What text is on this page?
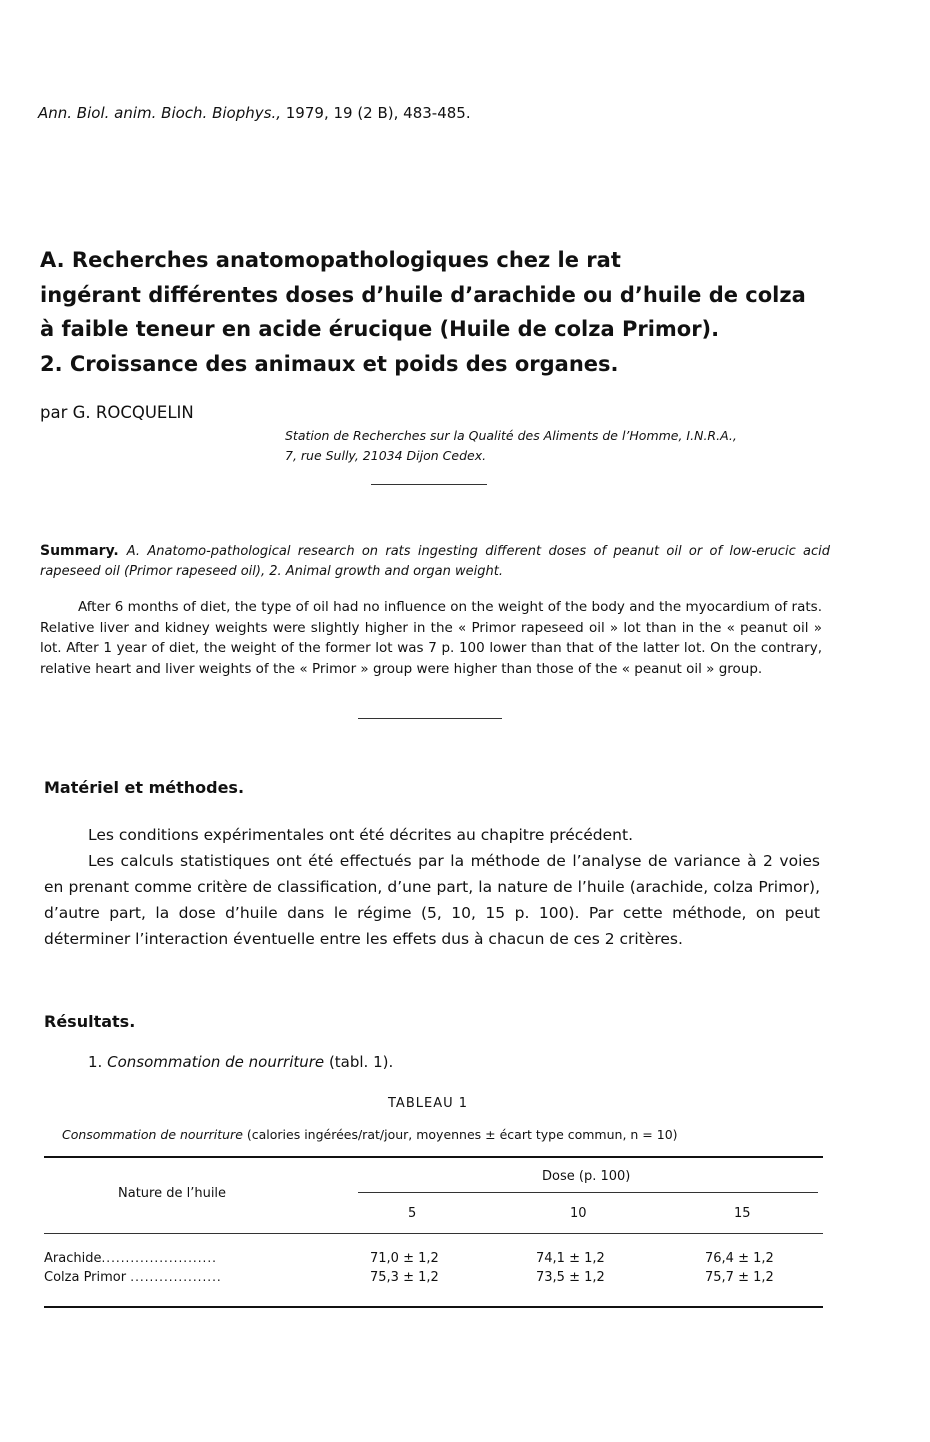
Ann. Biol. anim. Bioch. Biophys., 1979, 19 (2 B), 483-485.
A. Recherches anatomopathologiques chez le rat
ingérant différentes doses d’huile d’arachide ou d’huile de colza
à faible teneur en acide érucique (Huile de colza Primor).
2. Croissance des animaux et poids des organes.
par G. ROCQUELIN
Station de Recherches sur la Qualité des Aliments de l’Homme, I.N.R.A.,
7, rue Sully, 21034 Dijon Cedex.
Summary. A. Anatomo-pathological research on rats ingesting different doses of peanut oil or of low-erucic acid rapeseed oil (Primor rapeseed oil), 2. Animal growth and organ weight.
After 6 months of diet, the type of oil had no influence on the weight of the body and the myocardium of rats. Relative liver and kidney weights were slightly higher in the « Primor rapeseed oil » lot than in the « peanut oil » lot. After 1 year of diet, the weight of the former lot was 7 p. 100 lower than that of the latter lot. On the contrary, relative heart and liver weights of the « Primor » group were higher than those of the « peanut oil » group.
Matériel et méthodes.

Les conditions expérimentales ont été décrites au chapitre précédent.

Les calculs statistiques ont été effectués par la méthode de l’analyse de variance à 2 voies en prenant comme critère de classification, d’une part, la nature de l’huile (arachide, colza Primor), d’autre part, la dose d’huile dans le régime (5, 10, 15 p. 100). Par cette méthode, on peut déterminer l’interaction éventuelle entre les effets dus à chacun de ces 2 critères.

Résultats.
1. Consommation de nourriture (tabl. 1).
TABLEAU 1
Consommation de nourriture (calories ingérées/rat/jour, moyennes ± écart type commun, n = 10)
Nature de l’huile
Dose (p. 100)
5	10	15
Arachide........................	71,0 ± 1,2	74,1 ± 1,2	76,4 ± 1,2
Colza Primor ...................	75,3 ± 1,2	73,5 ± 1,2	75,7 ± 1,2
